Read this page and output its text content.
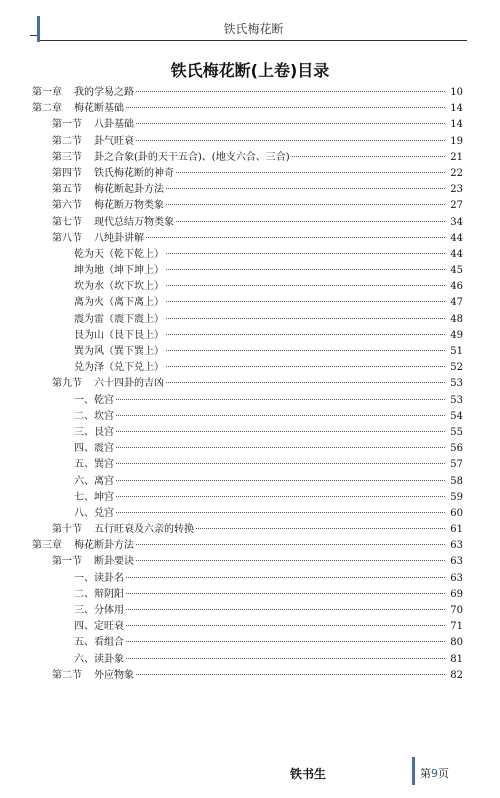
铁氏梅花断
铁氏梅花断(上卷)目录
第一章	我的学易之路	10
第二章	梅花断基础	14
第一节	八卦基础	14
第二节	卦气旺衰	19
第三节	卦之合象(卦的天干五合)、(地支六合、三合)	21
第四节	铁氏梅花断的神奇	22
第五节	梅花断起卦方法	23
第六节	梅花断万物类象	27
第七节	现代总结万物类象	34
第八节	八纯卦讲解	44
乾为天（乾下乾上）	44
坤为地（坤下坤上）	45
坎为水（坎下坎上）	46
离为火（离下离上）	47
震为雷（震下震上）	48
艮为山（艮下艮上）	49
巽为风（巽下巽上）	51
兑为泽（兑下兑上）	52
第九节	六十四卦的吉凶	53
一、乾宫	53
二、坎宫	54
三、艮宫	55
四、震宫	56
五、巽宫	57
六、离宫	58
七、坤宫	59
八、兑宫	60
第十节	五行旺衰及六亲的转换	61
第三章	梅花断卦方法	63
第一节	断卦要诀	63
一、读卦名	63
二、辩阴阳	69
三、分体用	70
四、定旺衰	71
五、看组合	80
六、读卦象	81
第二节	外应物象	82
铁书生	第9页
